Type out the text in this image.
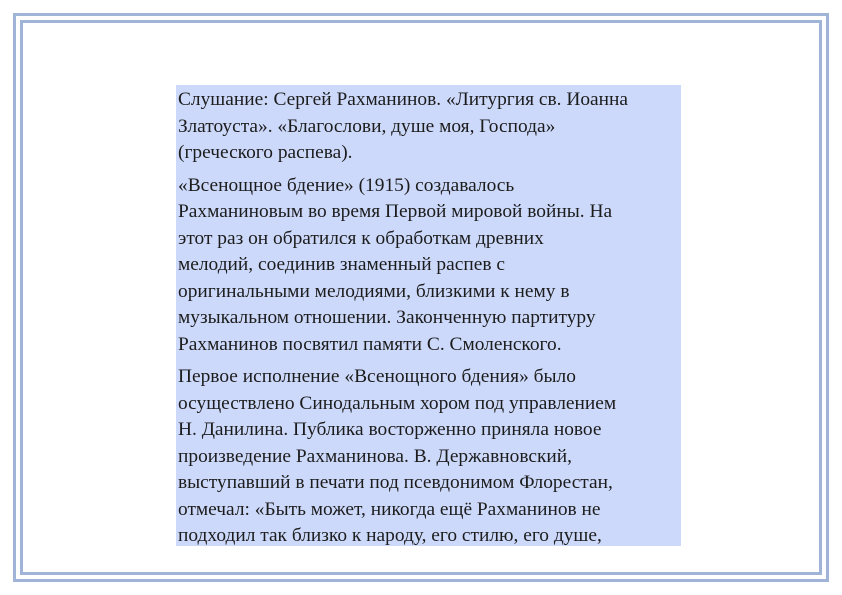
Слушание: Сергей Рахманинов. «Литургия св. Иоанна
Златоуста». «Благослови, душе моя, Господа»
(греческого распева).

«Всенощное бдение» (1915) создавалось
Рахманиновым во время Первой мировой войны. На
этот раз он обратился к обработкам древних
мелодий, соединив знаменный распев с
оригинальными мелодиями, близкими к нему в
музыкальном отношении. Законченную партитуру
Рахманинов посвятил памяти С. Смоленского.

Первое исполнение «Всенощного бдения» было
осуществлено Синодальным хором под управлением
Н. Данилина. Публика восторженно приняла новое
произведение Рахманинова. В. Державновский,
выступавший в печати под псевдонимом Флорестан,
отмечал: «Быть может, никогда ещё Рахманинов не
подходил так близко к народу, его стилю, его душе,
